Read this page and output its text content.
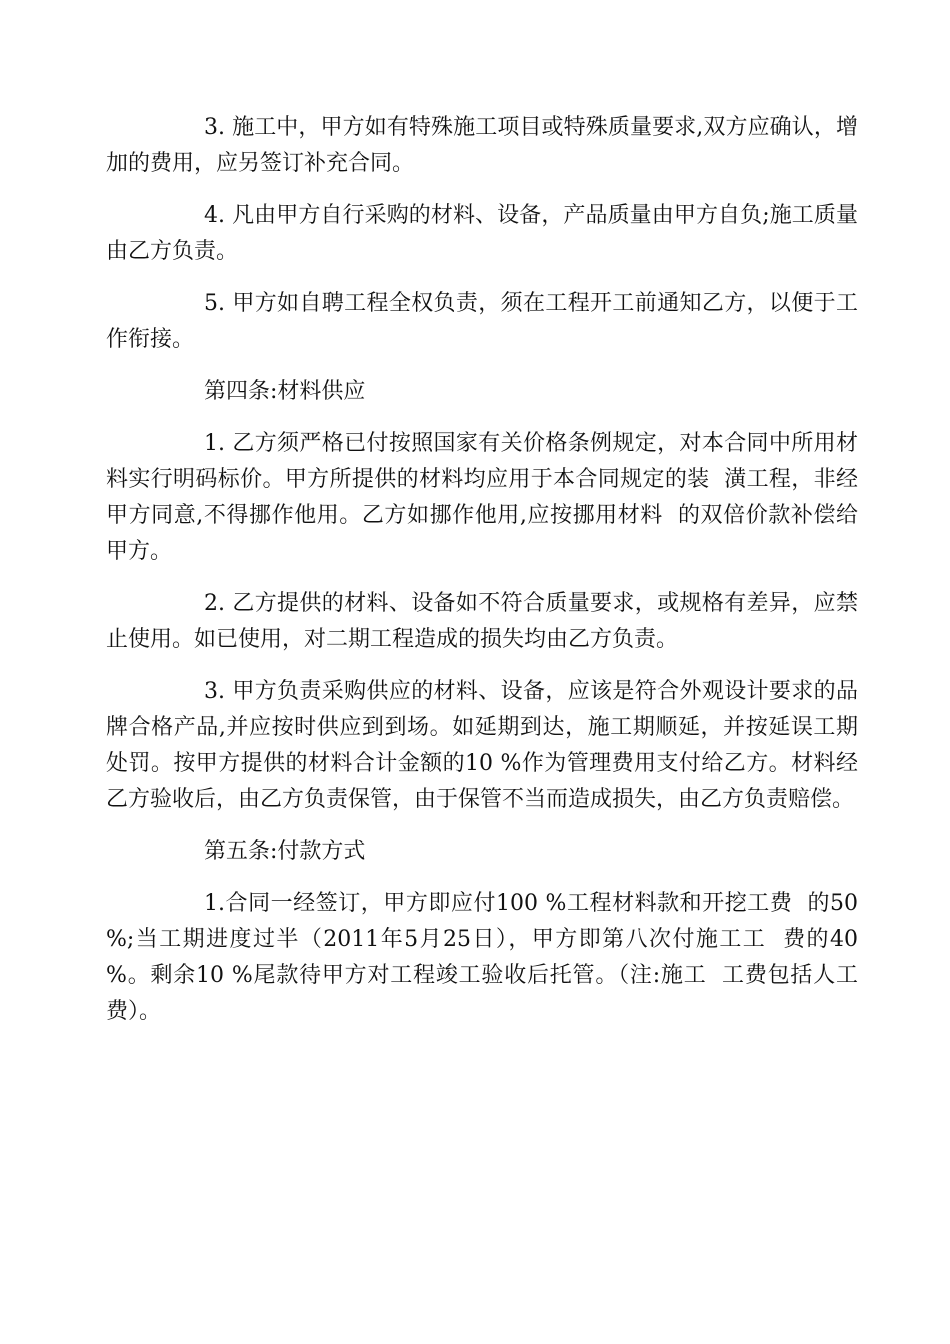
3. 施工中，甲方如有特殊施工项目或特殊质量要求,双方应确认，增加的费用，应另签订补充合同。

4. 凡由甲方自行采购的材料、设备，产品质量由甲方自负;施工质量由乙方负责。

5. 甲方如自聘工程全权负责，须在工程开工前通知乙方，以便于工作衔接。

第四条:材料供应

1. 乙方须严格已付按照国家有关价格条例规定，对本合同中所用材料实行明码标价。甲方所提供的材料均应用于本合同规定的装  潢工程，非经甲方同意,不得挪作他用。乙方如挪作他用,应按挪用材料  的双倍价款补偿给甲方。

2. 乙方提供的材料、设备如不符合质量要求，或规格有差异，应禁止使用。如已使用，对二期工程造成的损失均由乙方负责。

3. 甲方负责采购供应的材料、设备，应该是符合外观设计要求的品牌合格产品,并应按时供应到到场。如延期到达，施工期顺延，并按延误工期处罚。按甲方提供的材料合计金额的10 %作为管理费用支付给乙方。材料经乙方验收后，由乙方负责保管，由于保管不当而造成损失，由乙方负责赔偿。

第五条:付款方式

1.合同一经签订，甲方即应付100 %工程材料款和开挖工费  的50 %;当工期进度过半（2011年5月25日），甲方即第八次付施工工  费的40 %。剩余10 %尾款待甲方对工程竣工验收后托管。（注:施工  工费包括人工费）。
